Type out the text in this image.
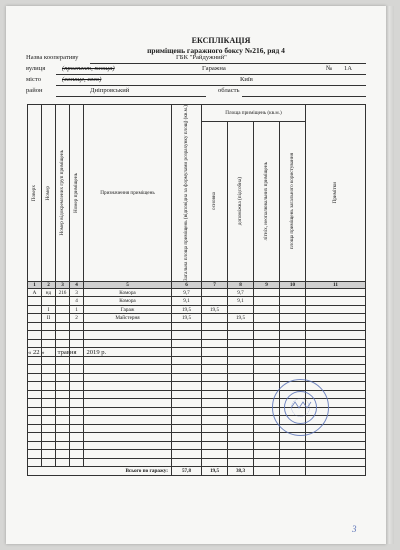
ЕКСПЛІКАЦІЯ
приміщень гаражного боксу №216, ряд 4
Назва кооперативу	ГБК "Райдужний"
вулиця	(проспект, площа)	Гаражна	№ 1А
місто	(селище, село)	Київ
район	Дніпровський	область
Поверх	Номер	Номер відокремлених груп приміщень	Номер приміщень	Призначення приміщень	Загальна площа приміщень (відповідна за формулами розрахунку площ) (кв.м.)	Площа приміщень (кв.м.)				Примітки

						основна	допоміжна (підсобна)	літніх, неопалювальних приміщень	площа приміщень загального користування	

1	2	3	4	5	6	7	8	9	10	11
А	нд	216	3	Комора	9,7		9,7			
			4	Комора	9,1		9,1			
	I		1	Гараж	19,5	19,5				
	II		2	Майстерня	19,5		19,5			

Всього по гаражу:					57,8	19,5	38,3			
« 22 » травня 2019 р.
3
